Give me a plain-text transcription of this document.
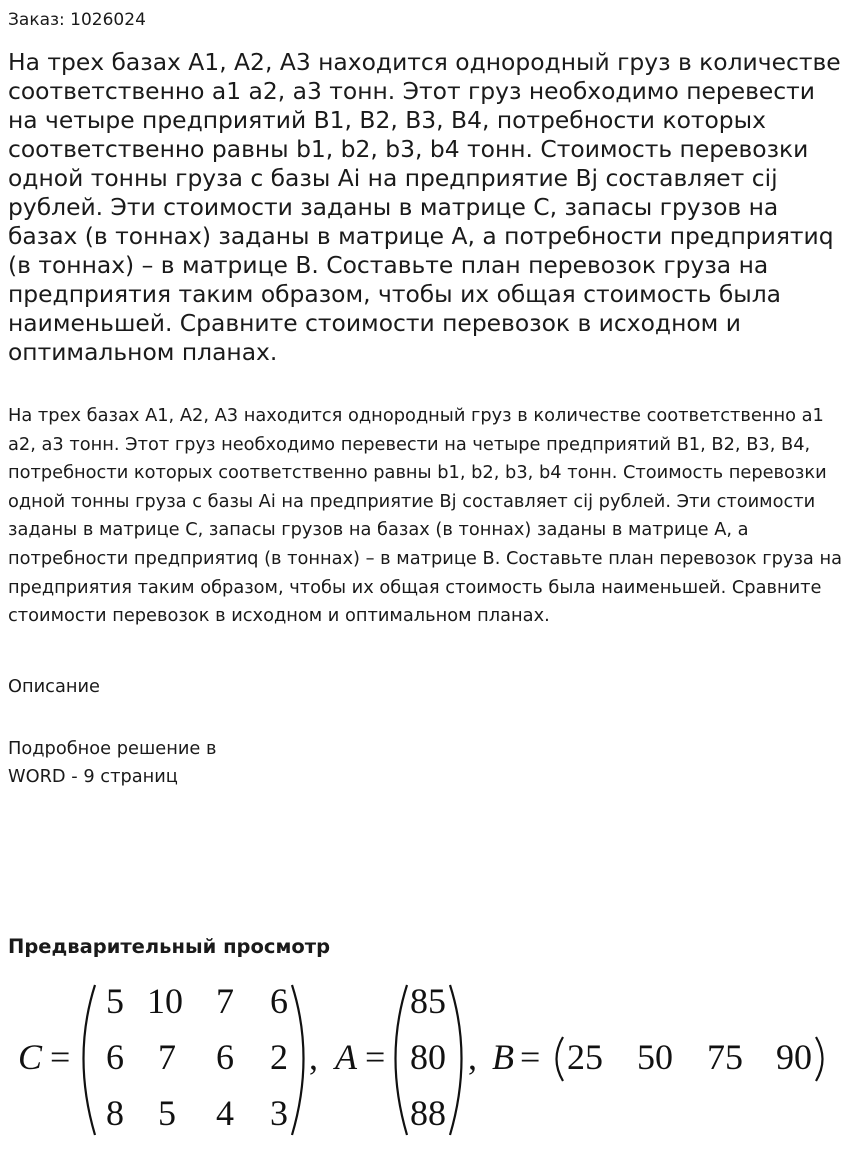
Заказ: 1026024
На трех базах А1, А2, А3 находится однородный груз в количестве соответственно а1 а2, а3 тонн. Этот груз необходимо перевести на четыре предприятий В1, В2, В3, В4, потребности которых соответственно равны b1, b2, b3, b4 тонн. Стоимость перевозки одной тонны груза с базы Аi на предприятие Вj составляет cij рублей. Эти стоимости заданы в матрице С, запасы грузов на базах (в тоннах) заданы в матрице А, а потребности предприятиq (в тоннах) – в матрице В. Составьте план перевозок груза на предприятия таким образом, чтобы их общая стоимость была наименьшей. Сравните стоимости перевозок в исходном и оптимальном планах.
На трех базах А1, А2, А3 находится однородный груз в количестве соответственно а1 а2, а3 тонн. Этот груз необходимо перевести на четыре предприятий В1, В2, В3, В4, потребности которых соответственно равны b1, b2, b3, b4 тонн. Стоимость перевозки одной тонны груза с базы Аi на предприятие Вj составляет cij рублей. Эти стоимости заданы в матрице С, запасы грузов на базах (в тоннах) заданы в матрице А, а потребности предприятиq (в тоннах) – в матрице В. Составьте план перевозок груза на предприятия таким образом, чтобы их общая стоимость была наименьшей. Сравните стоимости перевозок в исходном и оптимальном планах.
Описание
Подробное решение в WORD - 9 страниц
Предварительный просмотр
C =
5 10 7 6
6 7 6 2
8 5 4 3
, A =
85
80
88
, B = 25 50 75 90
